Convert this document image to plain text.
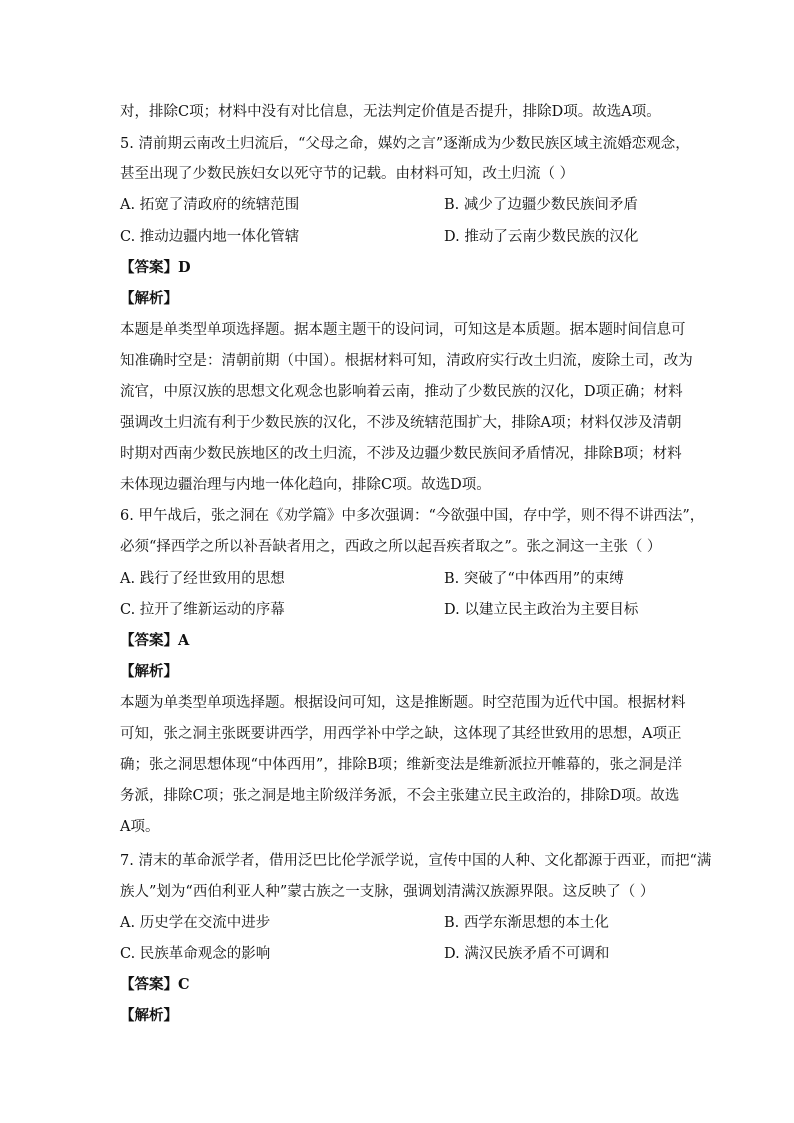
对，排除C项；材料中没有对比信息，无法判定价值是否提升，排除D项。故选A项。
5. 清前期云南改土归流后，“父母之命，媒妁之言”逐渐成为少数民族区域主流婚恋观念，
甚至出现了少数民族妇女以死守节的记载。由材料可知，改土归流（ ）
A. 拓宽了清政府的统辖范围	B. 减少了边疆少数民族间矛盾
C. 推动边疆内地一体化管辖	D. 推动了云南少数民族的汉化
【答案】D
【解析】
本题是单类型单项选择题。据本题主题干的设问词，可知这是本质题。据本题时间信息可
知准确时空是：清朝前期（中国）。根据材料可知，清政府实行改土归流，废除土司，改为
流官，中原汉族的思想文化观念也影响着云南，推动了少数民族的汉化，D项正确；材料
强调改土归流有利于少数民族的汉化，不涉及统辖范围扩大，排除A项；材料仅涉及清朝
时期对西南少数民族地区的改土归流，不涉及边疆少数民族间矛盾情况，排除B项；材料
未体现边疆治理与内地一体化趋向，排除C项。故选D项。
6. 甲午战后，张之洞在《劝学篇》中多次强调：“今欲强中国，存中学，则不得不讲西法”，
必须“择西学之所以补吾缺者用之，西政之所以起吾疾者取之”。张之洞这一主张（ ）
A. 践行了经世致用的思想	B. 突破了“中体西用”的束缚
C. 拉开了维新运动的序幕	D. 以建立民主政治为主要目标
【答案】A
【解析】
本题为单类型单项选择题。根据设问可知，这是推断题。时空范围为近代中国。根据材料
可知，张之洞主张既要讲西学，用西学补中学之缺，这体现了其经世致用的思想，A项正
确；张之洞思想体现“中体西用”，排除B项；维新变法是维新派拉开帷幕的，张之洞是洋
务派，排除C项；张之洞是地主阶级洋务派，不会主张建立民主政治的，排除D项。故选
A项。
7. 清末的革命派学者，借用泛巴比伦学派学说，宣传中国的人种、文化都源于西亚，而把“满
族人”划为“西伯利亚人种”蒙古族之一支脉，强调划清满汉族源界限。这反映了（ ）
A. 历史学在交流中进步	B. 西学东渐思想的本土化
C. 民族革命观念的影响	D. 满汉民族矛盾不可调和
【答案】C
【解析】
